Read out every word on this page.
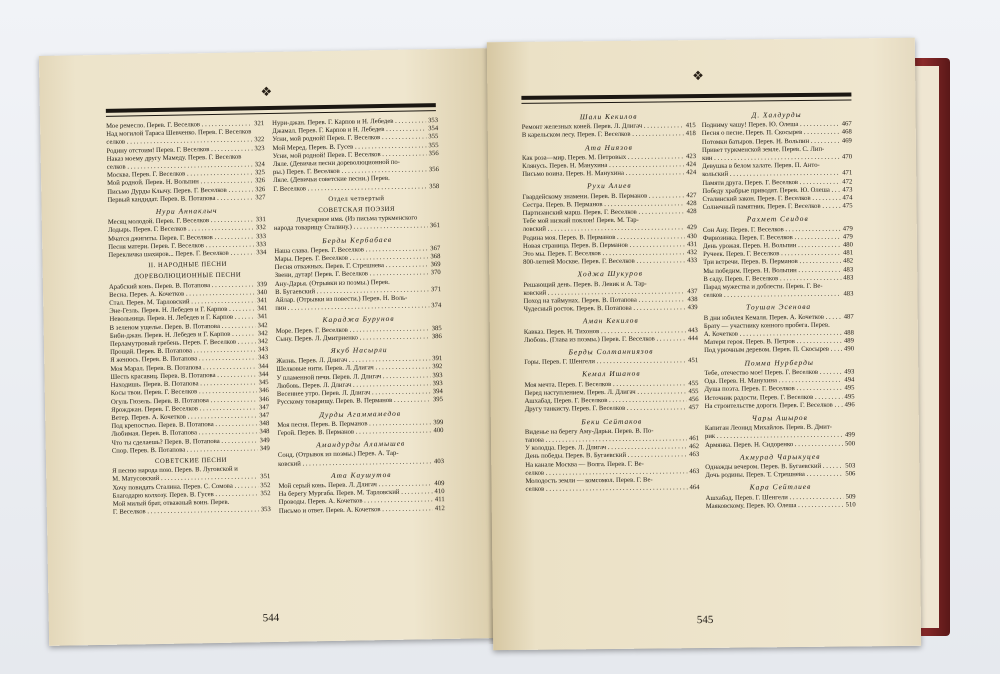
❖
Мое ремесло. Перев. Г. Веселков . . .	321
Над могилой Тараса Шевченко. Перев. Г. Веселков
селков . . .	322
Родину отстоим! Перев. Г. Веселков . . .	323
Наказ моему другу Мамеду. Перев. Г. Веселков
селков . . .	324
Москва. Перев. Г. Веселков . . .	325
Мой родной. Перев. Н. Вольпин . . .	326
Письмо Дурды Клычу. Перев. Г. Веселков . . .	326
Первый кандидат. Перев. В. Потапова . . .	327
Нури Аннаклыч
Месяц молодой. Перев. Г. Веселков . . .	331
Лодырь. Перев. Г. Веселков . . .	332
Мчатся джигиты. Перев. Г. Веселков . . .	333
Песня матери. Перев. Г. Веселков . . .	333
Перекличка шахиров... Перев. Г. Веселков . . .	334
II. НАРОДНЫЕ ПЕСНИ
ДОРЕВОЛЮЦИОННЫЕ ПЕСНИ
Арабский конь. Перев. В. Потапова . . .	339
Весна. Перев. А. Кочетков . . .	340
Стал. Перев. М. Тарловский . . .	341
Эне-Гезль. Перев. Н. Лебедев и Г. Карпов . . .	341
Невольница. Перев. Н. Лебедев и Г. Карпов . . .	341
В зеленом ущелье. Перев. В. Потапова . . .	342
Биби-джан. Перев. Н. Лебедев и Г. Карпов . . .	342
Перламутровый гребень. Перев. Г. Веселков . . .	342
Прощай. Перев. В. Потапова . . .	343
Я женюсь. Перев. В. Потапова . . .	343
Моя Марал. Перев. В. Потапова . . .	344
Шесть красавиц. Перев. В. Потапова . . .	344
Находишь. Перев. В. Потапова . . .	345
Косы твои. Перев. Г. Веселков . . .	346
Огуль Гюзель. Перев. В. Потапова . . .	346
Ярожджан. Перев. Г. Веселков . . .	347
Ветер. Перев. А. Кочетков . . .	347
Под крепостью. Перев. В. Потапова . . .	348
Любимая. Перев. В. Потапова . . .	348
Что ты сделаешь? Перев. В. Потапова . . .	349
Спор. Перев. В. Потапова . . .	349
СОВЕТСКИЕ ПЕСНИ
Я песню народа пою. Перев. В. Луговской и
М. Матусовский . . .	351
Хочу повидать Сталина. Перев. С. Сомова . . .	352
Благодарю колхозу. Перев. В. Гусев . . .	352
Мой милый брат, отважный воин. Перев.
Г. Веселков . . .	353
Нури-джан. Перев. Г. Карпов и Н. Лебедев . . .	353
Джамал. Перев. Г. Карпов и Н. Лебедев . . .	354
Усни, мой родной! Перев. Г. Веселков . . .	355
Мой Меред. Перев. В. Гусев . . .	355
Усни, мой родной! Перев. Г. Веселков . . .	356
Ляле. (Девичьи песни дореволюционной по-
ры.) Перев. Г. Веселков . . .	356
Ляле. (Девичьи советские песни.) Перев.
Г. Веселков . . .	358
Отдел четвертый
СОВЕТСКАЯ ПОЭЗИЯ
Лучезарное имя. (Из письма туркменского
народа товарищу Сталину.) . . .	361
Берды Кербабаев
Наша слава. Перев. Г. Веселков . . .	367
Мары. Перев. Г. Веселков . . .	368
Песня отважных. Перев. Г. Стрешнева . . .	369
Звени, дутар! Перев. Г. Веселков . . .	370
Ану-Дарья. (Отрывки из поэмы.) Перев.
В. Бугаевский . . .	371
Айлар. (Отрывки из повести.) Перев. Н. Воль-
пин . . .	374
Караджа Бурунов
Море. Перев. Г. Веселков . . .	385
Сыну. Перев. Л. Дмитриенко . . .	386
Якуб Насырли
Жизнь. Перев. Л. Длигач . . .	391
Шелковые нити. Перев. Л. Длигач . . .	392
У пламенной печи. Перев. Л. Длигач . . .	393
Любовь. Перев. Л. Длигач . . .	393
Весеннее утро. Перев. Л. Длигач . . .	394
Русскому товарищу. Перев. В. Перманов . . .	395
Дурды Агаммамедов
Моя песня. Перев. В. Перманов . . .	399
Герой. Перев. В. Перманов . . .	400
Амандурды Аламышев
Сонд. (Отрывок из поэмы.) Перев. А. Тар-
ковский . . .	403
Ата Каушутов
Мой серый конь. Перев. Л. Длигач . . .	409
На берегу Мургаба. Перев. М. Тарловский . . .	410
Проводы. Перев. А. Кочетков . . .	411
Письмо и ответ. Перев. А. Кочетков . . .	412
544
❖
Шали Кекилов
Ремонт железных коней. Перев. Л. Длигач . . .	415
В карельском лесу. Перев. Г. Веселков . . .	418
Ата Ниязов
Как роза—мир. Перев. М. Петровых . . .	423
Клянусь. Перев. Н. Манухина . . .	424
Письмо воина. Перев. Н. Манухина . . .	424
Рухи Алиев
Гвардейскому знамени. Перев. В. Перманов . . .	427
Сестра. Перев. В. Перманов . . .	428
Партизанский марш. Перев. Г. Веселков . . .	428
Тебе мой низкий поклон! Перев. М. Тар-
ловский . . .	429
Родина моя. Перев. В. Перманов . . .	430
Новая страница. Перев. В. Перманов . . .	431
Это мы. Перев. Г. Веселков . . .	432
800-летней Москве. Перев. Г. Веселков . . .	433
Ходжа Шукуров
Решающий день. Перев. В. Левик и А. Тар-
ковский . . .	437
Поход на таймунах. Перев. В. Потапова . . .	438
Чудесный росток. Перев. В. Потапова . . .	439
Аман Кекилов
Кавказ. Перев. Н. Тихонов . . .	443
Любовь. (Глава из поэмы.) Перев. Г. Веселков . . .	444
Берды Солтанниязов
Горы. Перев. Г. Шенгели . . .	451
Кемал Ишанов
Моя мечта. Перев. Г. Веселков . . .	455
Перед наступлением. Перев. Л. Длигач . . .	455
Ашхабад. Перев. Г. Веселков . . .	456
Другу танкисту. Перев. Г. Веселков . . .	457
Беки Сейтаков
Виденье на берегу Аму-Дарьи. Перев. В. По-
тапова . . .	461
У колодца. Перев. Л. Длигач . . .	462
День победы. Перев. В. Бугаевский . . .	463
На канале Москва — Волга. Перев. Г. Ве-
селков . . .	463
Молодость земли — комсомол. Перев. Г. Ве-
селков . . .	464
Д. Халдурды
Подниму чашу! Перев. Ю. Олеша . . .	467
Песня о песне. Перев. П. Скосырев . . .	468
Потомки батыров. Перев. Н. Вольпин . . .	469
Привет туркменской земле. Перев. С. Лип-
кин . . .	470
Девушка в белом халате. Перев. П. Анто-
кольский . . .	471
Памяти друга. Перев. Г. Веселков . . .	472
Победу храбрые приводят. Перев. Ю. Олеша . . .	473
Сталинский закон. Перев. Г. Веселков . . .	474
Солнечный памятник. Перев. Г. Веселков . . .	475
Рахмет Сеидов
Сон Ану. Перев. Г. Веселков . . .	479
Фирюзинка. Перев. Г. Веселков . . .	479
День урожая. Перев. Н. Вольпин . . .	480
Ручеек. Перев. Г. Веселков . . .	481
Три встречи. Перев. В. Перманов . . .	482
Мы победим. Перев. Н. Вольпин . . .	483
В саду. Перев. Г. Веселков . . .	483
Парад мужества и доблести. Перев. Г. Ве-
селков . . .	483
Тоушан Эсенова
В дни юбилея Кемаля. Перев. А. Кочетков . . .	487
Брату — участнику конного пробега. Перев.
А. Кочетков . . .	488
Матери героя. Перев. В. Петров . . .	489
Под урючным деревом. Перев. П. Скосырев . . .	490
Помма Нурберды
Тебе, отечество мое! Перев. Г. Веселков . . .	493
Ода. Перев. Н. Манухина . . .	494
Душа поэта. Перев. Г. Веселков . . .	495
Источник радости. Перев. Г. Веселков . . .	495
На строительстве дороги. Перев. Г. Веселков . . .	496
Чары Ашыров
Капитан Леонид Михайлов. Перев. В. Дмит-
рик . . .	499
Армянка. Перев. Н. Сидоренко . . .	500
Акмурад Чарыкуцев
Однажды вечером. Перев. В. Бугаевский . . .	503
Дочь родины. Перев. Т. Стрешнева . . .	506
Кара Сейтлиев
Ашхабад. Перев. Г. Шенгели . . .	509
Маяковскому. Перев. Ю. Олеша . . .	510
545
